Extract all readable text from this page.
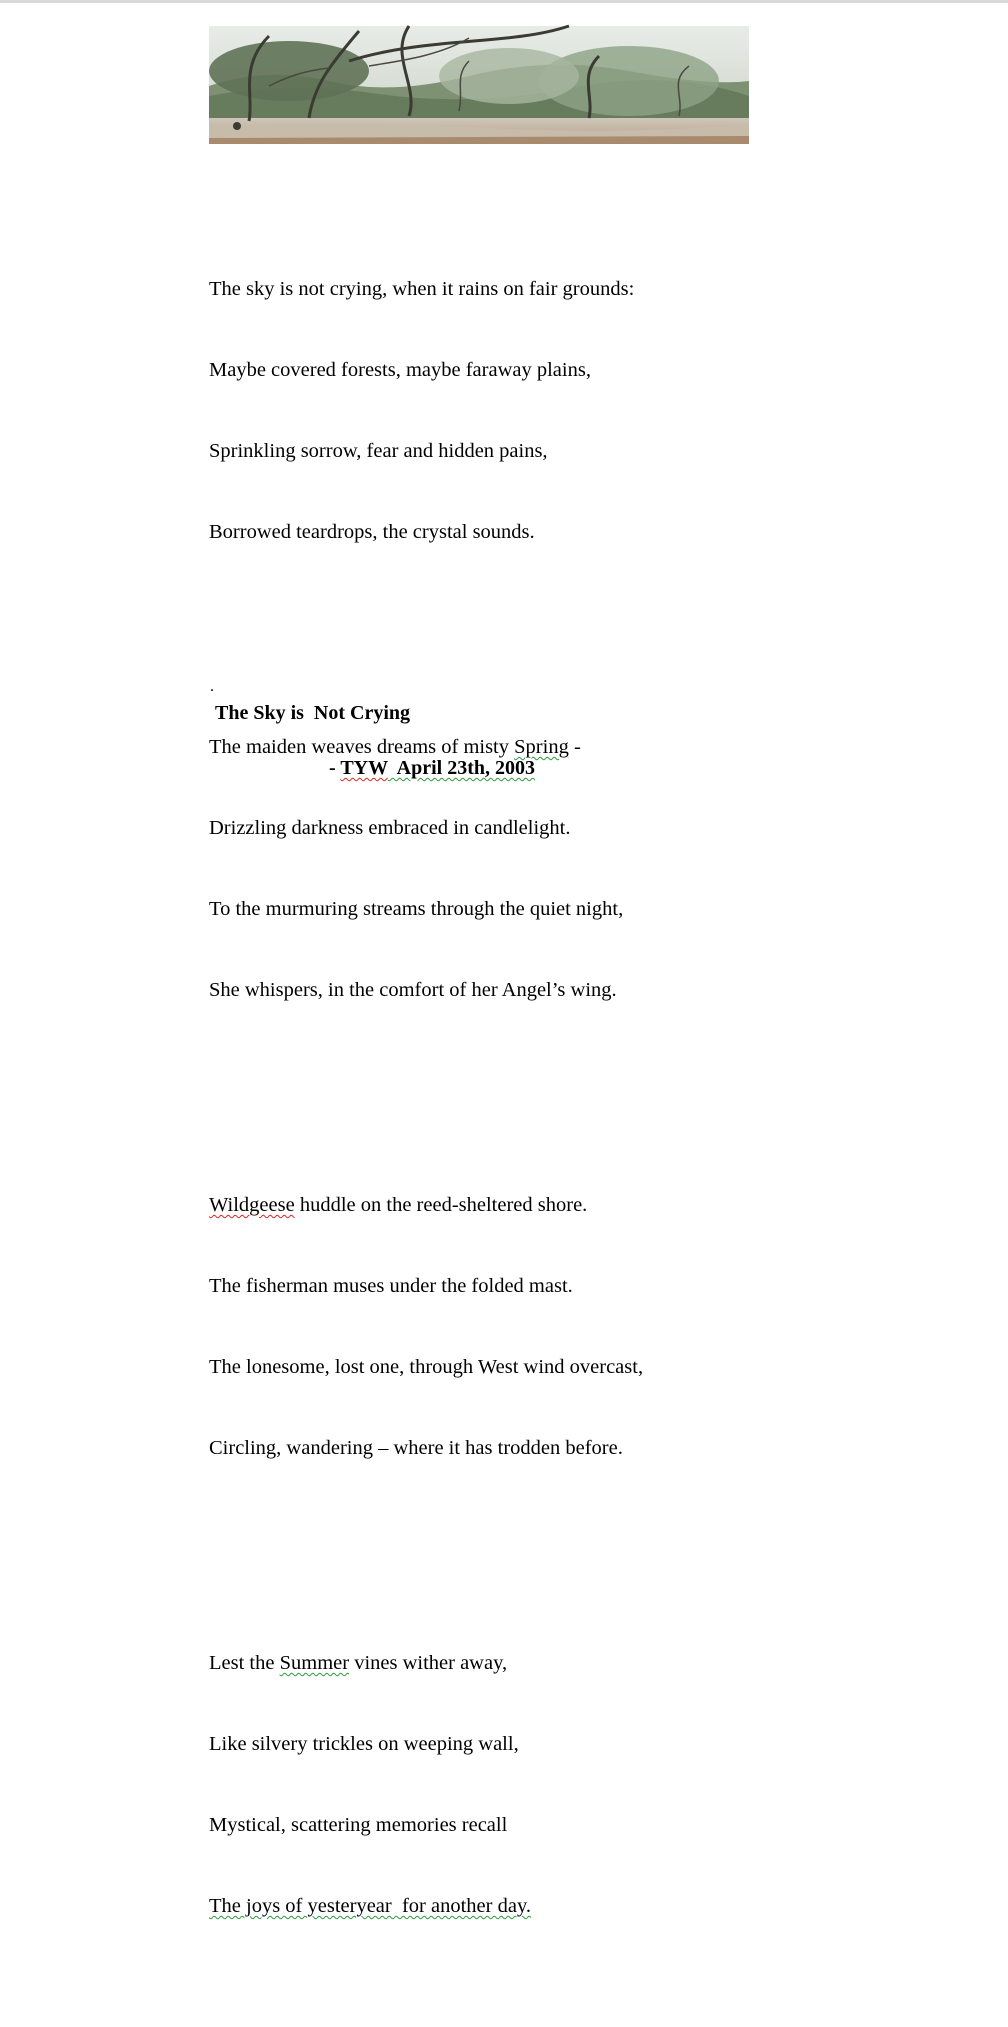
The sky is not crying, when it rains on fair grounds:

Maybe covered forests, maybe faraway plains,

Sprinkling sorrow, fear and hidden pains,

Borrowed teardrops, the crystal sounds.

The maiden weaves dreams of misty Spring -

Drizzling darkness embraced in candlelight.

To the murmuring streams through the quiet night,

She whispers, in the comfort of her Angel’s wing.

Wildgeese huddle on the reed-sheltered shore.

The fisherman muses under the folded mast.

The lonesome, lost one, through West wind overcast,

Circling, wandering – where it has trodden before.

Lest the Summer vines wither away,

Like silvery trickles on weeping wall,

Mystical, scattering memories recall

The joys of yesteryear  for another day.

.
The Sky is  Not Crying
- TYW  April 23th, 2003
